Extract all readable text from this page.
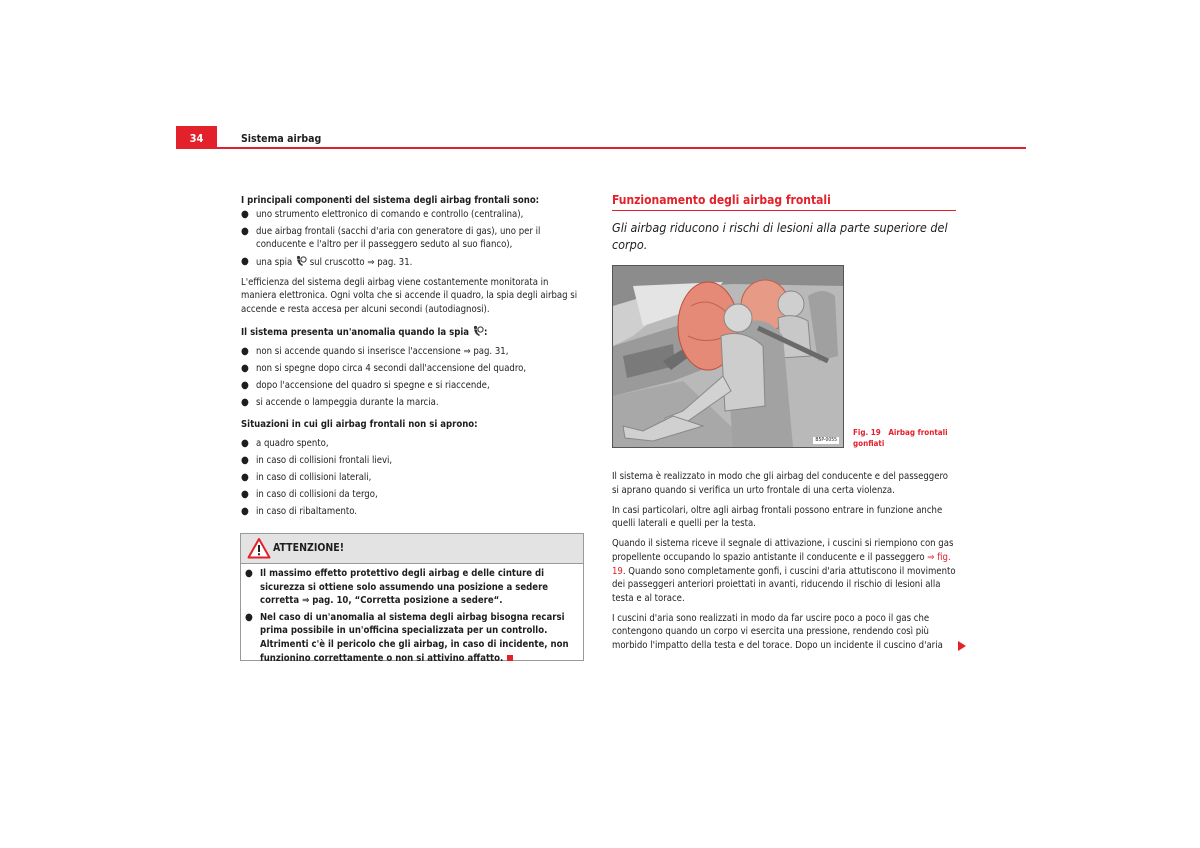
34	Sistema airbag

I principali componenti del sistema degli airbag frontali sono:

● uno strumento elettronico di comando e controllo (centralina),
● due airbag frontali (sacchi d'aria con generatore di gas), uno per il conducente e l'altro per il passeggero seduto al suo fianco),
● una spia sul cruscotto ⇒ pag. 31.

L'efficienza del sistema degli airbag viene costantemente monitorata in maniera elettronica. Ogni volta che si accende il quadro, la spia degli airbag si accende e resta accesa per alcuni secondi (autodiagnosi).

Il sistema presenta un'anomalia quando la spia :

● non si accende quando si inserisce l'accensione ⇒ pag. 31,
● non si spegne dopo circa 4 secondi dall'accensione del quadro,
● dopo l'accensione del quadro si spegne e si riaccende,
● si accende o lampeggia durante la marcia.

Situazioni in cui gli airbag frontali non si aprono:

● a quadro spento,
● in caso di collisioni frontali lievi,
● in caso di collisioni laterali,
● in caso di collisioni da tergo,
● in caso di ribaltamento.
ATTENZIONE!
● Il massimo effetto protettivo degli airbag e delle cinture di sicurezza si ottiene solo assumendo una posizione a sedere corretta ⇒ pag. 10, “Corretta posizione a sedere“.
● Nel caso di un'anomalia al sistema degli airbag bisogna recarsi prima possibile in un'officina specializzata per un controllo. Altrimenti c'è il pericolo che gli airbag, in caso di incidente, non funzionino correttamente o non si attivino affatto.
Funzionamento degli airbag frontali
Gli airbag riducono i rischi di lesioni alla parte superiore del corpo.
B5P-0055
Fig. 19 Airbag frontali gonfiati

Il sistema è realizzato in modo che gli airbag del conducente e del passeggero si aprano quando si verifica un urto frontale di una certa violenza.

In casi particolari, oltre agli airbag frontali possono entrare in funzione anche quelli laterali e quelli per la testa.

Quando il sistema riceve il segnale di attivazione, i cuscini si riempiono con gas propellente occupando lo spazio antistante il conducente e il passeggero ⇒ fig. 19. Quando sono completamente gonfi, i cuscini d'aria attutiscono il movimento dei passeggeri anteriori proiettati in avanti, riducendo il rischio di lesioni alla testa e al torace.

I cuscini d'aria sono realizzati in modo da far uscire poco a poco il gas che contengono quando un corpo vi esercita una pressione, rendendo così più morbido l'impatto della testa e del torace. Dopo un incidente il cuscino d'aria
